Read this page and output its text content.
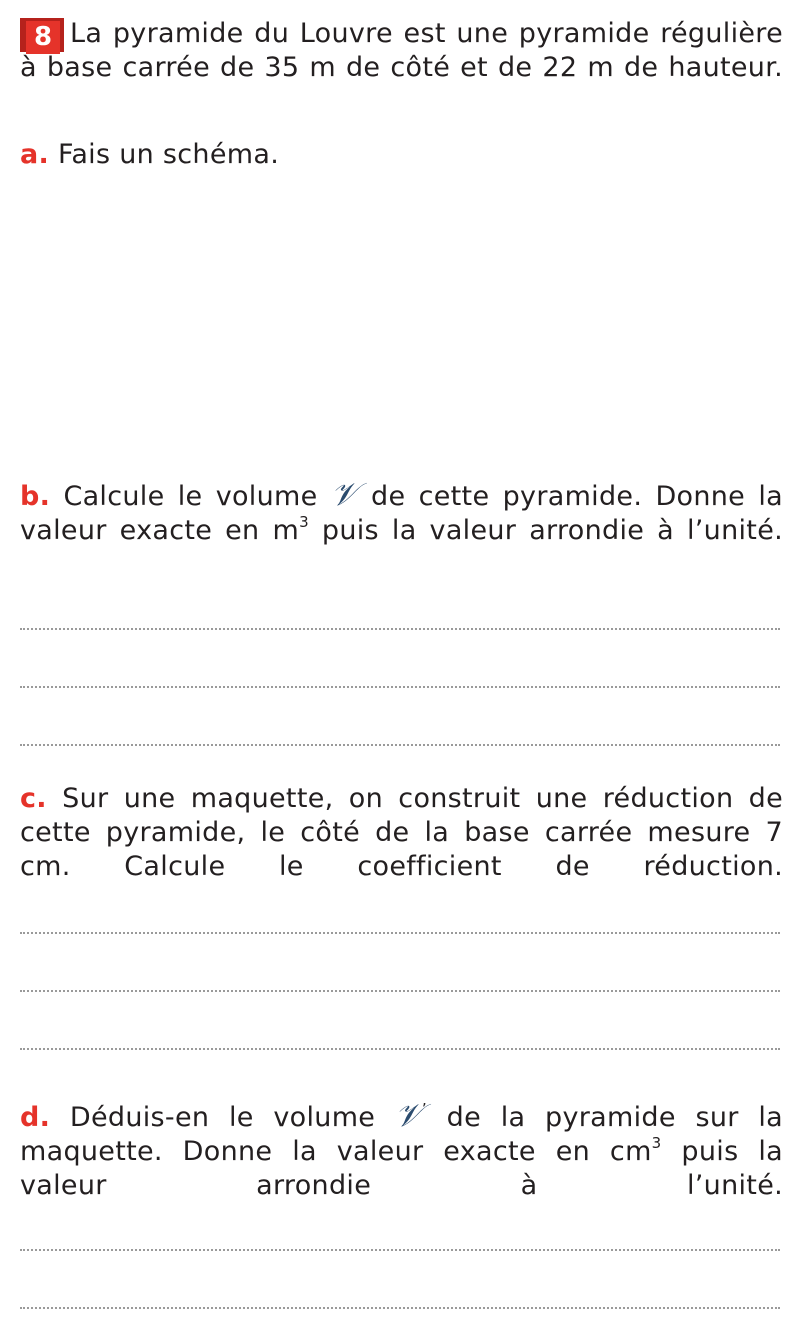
8 La pyramide du Louvre est une pyramide régulière à base carrée de 35 m de côté et de 22 m de hauteur.

a. Fais un schéma.

b. Calcule le volume 𝒱 de cette pyramide. Donne la valeur exacte en $m^3$ puis la valeur arrondie à l’unité.

c. Sur une maquette, on construit une réduction de cette pyramide, le côté de la base carrée mesure 7 cm. Calcule le coefficient de réduction.

d. Déduis-en le volume 𝒱’ de la pyramide sur la maquette. Donne la valeur exacte en $cm^3$ puis la valeur arrondie à l’unité.
